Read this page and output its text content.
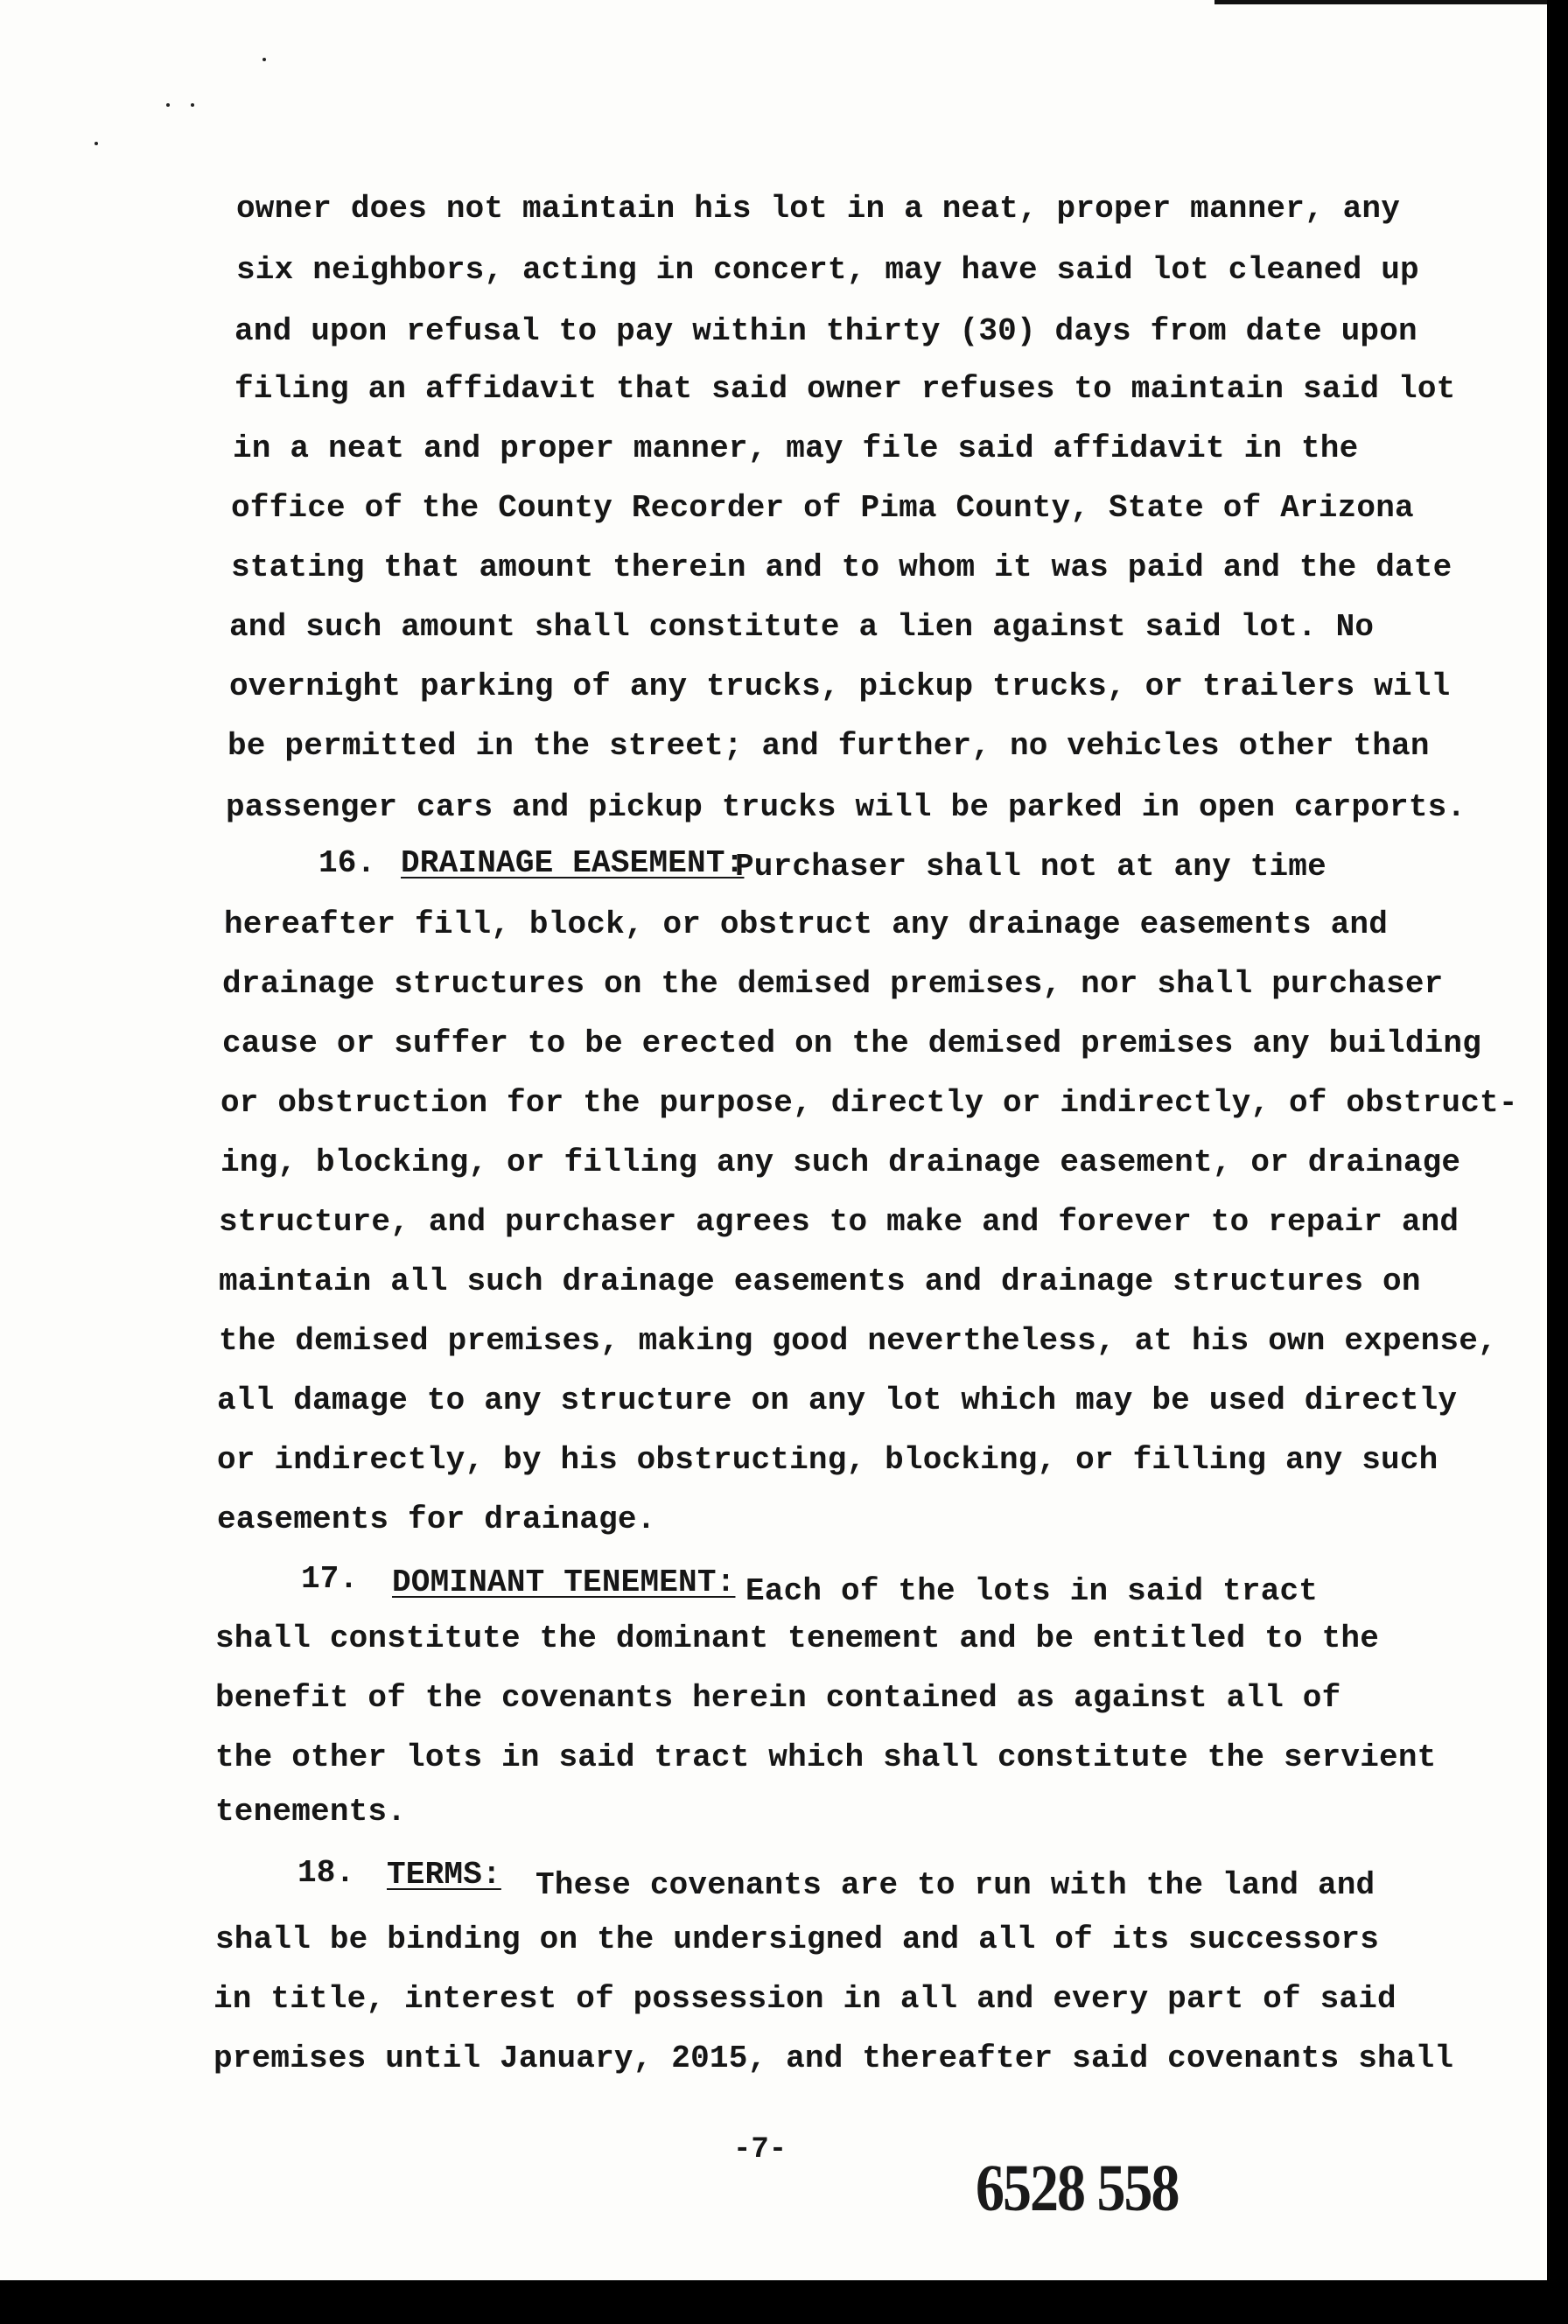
owner does not maintain his lot in a neat, proper manner, any
six neighbors, acting in concert, may have said lot cleaned up
and upon refusal to pay within thirty (30) days from date upon
filing an affidavit that said owner refuses to maintain said lot
in a neat and proper manner, may file said affidavit in the
office of the County Recorder of Pima County, State of Arizona
stating that amount therein and to whom it was paid and the date
and such amount shall constitute a lien against said lot. No
overnight parking of any trucks, pickup trucks, or trailers will
be permitted in the street; and further, no vehicles other than
passenger cars and pickup trucks will be parked in open carports.
16. DRAINAGE EASEMENT:
Purchaser shall not at any time
hereafter fill, block, or obstruct any drainage easements and
drainage structures on the demised premises, nor shall purchaser
cause or suffer to be erected on the demised premises any building
or obstruction for the purpose, directly or indirectly, of obstruct-
ing, blocking, or filling any such drainage easement, or drainage
structure, and purchaser agrees to make and forever to repair and
maintain all such drainage easements and drainage structures on
the demised premises, making good nevertheless, at his own expense,
all damage to any structure on any lot which may be used directly
or indirectly, by his obstructing, blocking, or filling any such
easements for drainage.
17. DOMINANT TENEMENT: Each of the lots in said tract
shall constitute the dominant tenement and be entitled to the
benefit of the covenants herein contained as against all of
the other lots in said tract which shall constitute the servient
tenements.
18. TERMS: These covenants are to run with the land and
shall be binding on the undersigned and all of its successors
in title, interest of possession in all and every part of said
premises until January, 2015, and thereafter said covenants shall
-7-
6528 558
